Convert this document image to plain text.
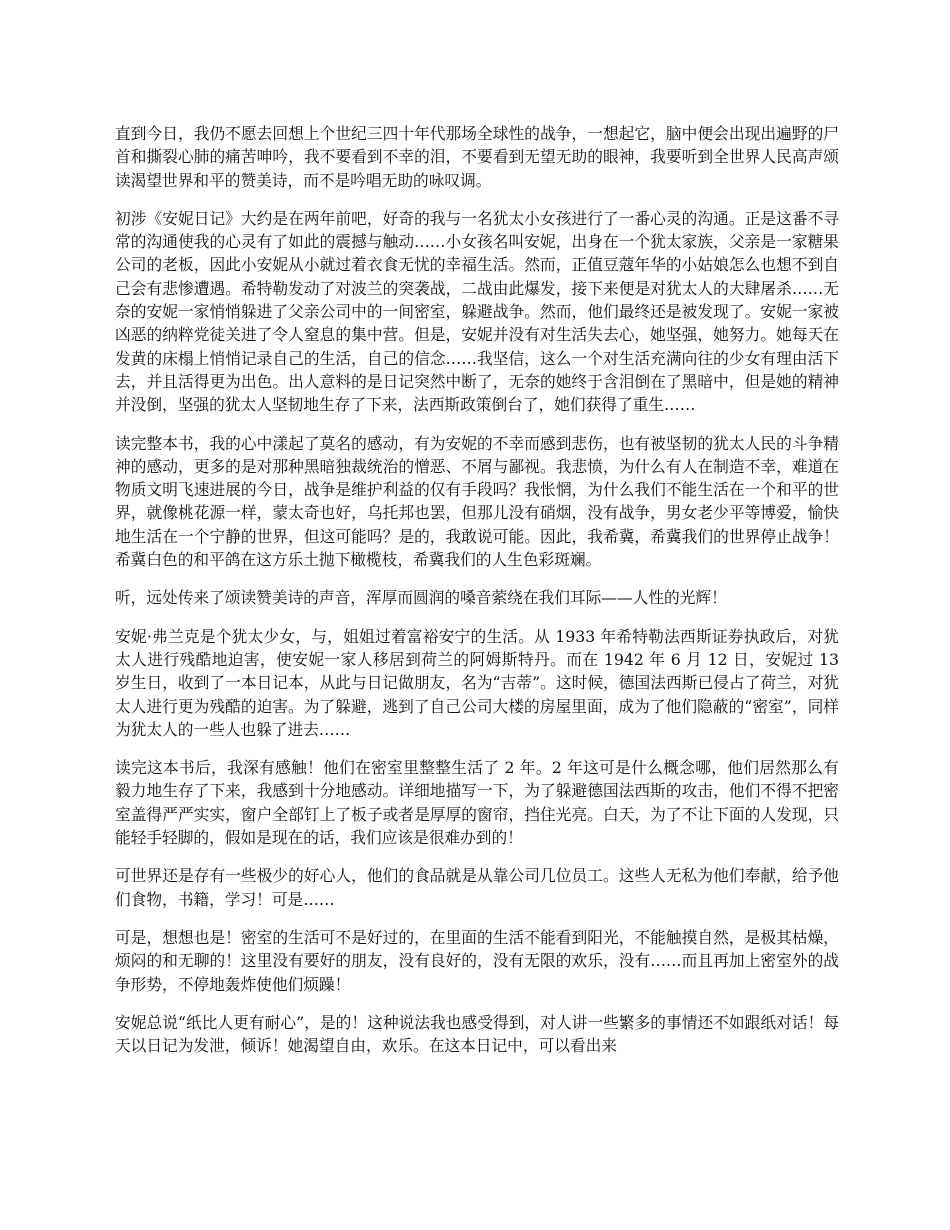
直到今日，我仍不愿去回想上个世纪三四十年代那场全球性的战争，一想起它，脑中便会出现出遍野的尸首和撕裂心肺的痛苦呻吟，我不要看到不幸的泪，不要看到无望无助的眼神，我要听到全世界人民高声颂读渴望世界和平的赞美诗，而不是吟唱无助的咏叹调。

初涉《安妮日记》大约是在两年前吧，好奇的我与一名犹太小女孩进行了一番心灵的沟通。正是这番不寻常的沟通使我的心灵有了如此的震撼与触动……小女孩名叫安妮，出身在一个犹太家族，父亲是一家糖果公司的老板，因此小安妮从小就过着衣食无忧的幸福生活。然而，正值豆蔻年华的小姑娘怎么也想不到自己会有悲惨遭遇。希特勒发动了对波兰的突袭战，二战由此爆发，接下来便是对犹太人的大肆屠杀……无奈的安妮一家悄悄躲进了父亲公司中的一间密室，躲避战争。然而，他们最终还是被发现了。安妮一家被凶恶的纳粹党徒关进了令人窒息的集中营。但是，安妮并没有对生活失去心，她坚强，她努力。她每天在发黄的床榻上悄悄记录自己的生活，自己的信念……我坚信，这么一个对生活充满向往的少女有理由活下去，并且活得更为出色。出人意料的是日记突然中断了，无奈的她终于含泪倒在了黑暗中，但是她的精神并没倒，坚强的犹太人坚韧地生存了下来，法西斯政策倒台了，她们获得了重生……

读完整本书，我的心中漾起了莫名的感动，有为安妮的不幸而感到悲伤，也有被坚韧的犹太人民的斗争精神的感动，更多的是对那种黑暗独裁统治的憎恶、不屑与鄙视。我悲愤，为什么有人在制造不幸，难道在物质文明飞速进展的今日，战争是维护利益的仅有手段吗？我怅惘，为什么我们不能生活在一个和平的世界，就像桃花源一样，蒙太奇也好，乌托邦也罢，但那儿没有硝烟，没有战争，男女老少平等博爱，愉快地生活在一个宁静的世界，但这可能吗？是的，我敢说可能。因此，我希冀，希冀我们的世界停止战争！希冀白色的和平鸽在这方乐土抛下橄榄枝，希冀我们的人生色彩斑斓。

听，远处传来了颂读赞美诗的声音，浑厚而圆润的嗓音萦绕在我们耳际——人性的光辉！

安妮·弗兰克是个犹太少女，与，姐姐过着富裕安宁的生活。从 1933 年希特勒法西斯证券执政后，对犹太人进行残酷地迫害，使安妮一家人移居到荷兰的阿姆斯特丹。而在 1942 年 6 月 12 日，安妮过 13 岁生日，收到了一本日记本，从此与日记做朋友，名为“吉蒂”。这时候，德国法西斯已侵占了荷兰，对犹太人进行更为残酷的迫害。为了躲避，逃到了自己公司大楼的房屋里面，成为了他们隐蔽的“密室”，同样为犹太人的一些人也躲了进去……

读完这本书后，我深有感触！他们在密室里整整生活了 2 年。2 年这可是什么概念哪，他们居然那么有毅力地生存了下来，我感到十分地感动。详细地描写一下，为了躲避德国法西斯的攻击，他们不得不把密室盖得严严实实，窗户全部钉上了板子或者是厚厚的窗帘，挡住光亮。白天，为了不让下面的人发现，只能轻手轻脚的，假如是现在的话，我们应该是很难办到的！

可世界还是存有一些极少的好心人，他们的食品就是从靠公司几位员工。这些人无私为他们奉献，给予他们食物，书籍，学习！可是……

可是，想想也是！密室的生活可不是好过的，在里面的生活不能看到阳光，不能触摸自然，是极其枯燥，烦闷的和无聊的！这里没有要好的朋友，没有良好的，没有无限的欢乐，没有……而且再加上密室外的战争形势，不停地轰炸使他们烦躁！

安妮总说“纸比人更有耐心”，是的！这种说法我也感受得到，对人讲一些繁多的事情还不如跟纸对话！每天以日记为发泄，倾诉！她渴望自由，欢乐。在这本日记中，可以看出来
